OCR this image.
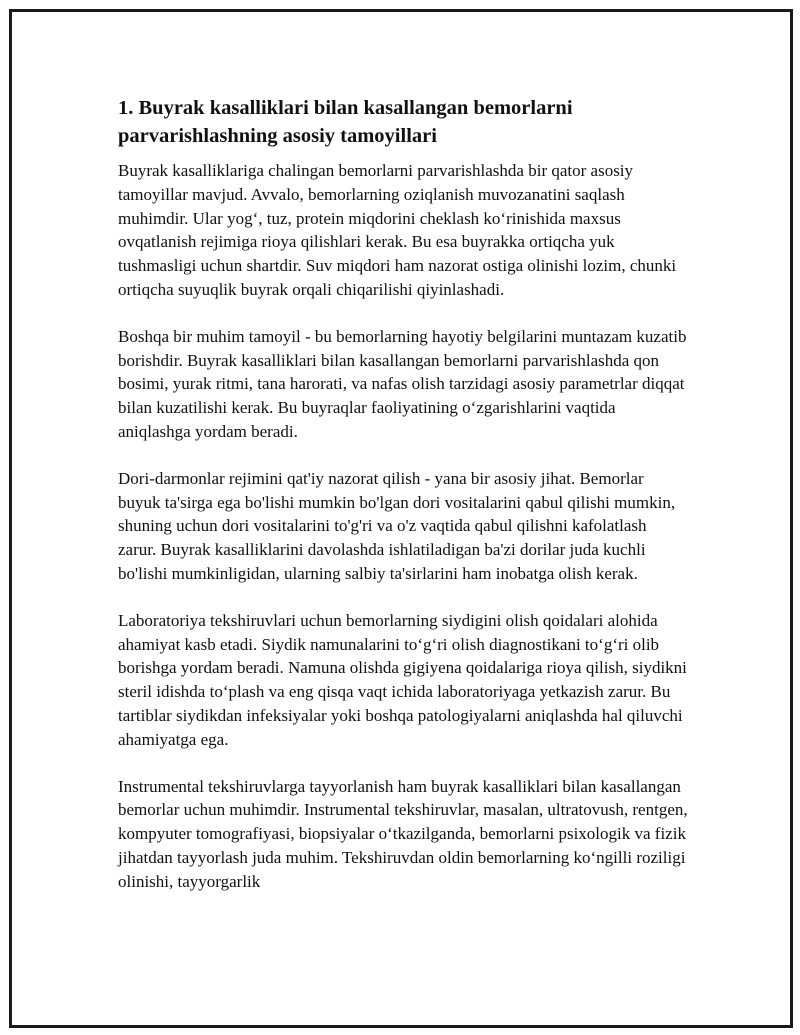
1. Buyrak kasalliklari bilan kasallangan bemorlarni parvarishlashning asosiy tamoyillari

Buyrak kasalliklariga chalingan bemorlarni parvarishlashda bir qator asosiy tamoyillar mavjud. Avvalo, bemorlarning oziqlanish muvozanatini saqlash muhimdir. Ular yog‘, tuz, protein miqdorini cheklash ko‘rinishida maxsus ovqatlanish rejimiga rioya qilishlari kerak. Bu esa buyrakka ortiqcha yuk tushmasligi uchun shartdir. Suv miqdori ham nazorat ostiga olinishi lozim, chunki ortiqcha suyuqlik buyrak orqali chiqarilishi qiyinlashadi.

Boshqa bir muhim tamoyil - bu bemorlarning hayotiy belgilarini muntazam kuzatib borishdir. Buyrak kasalliklari bilan kasallangan bemorlarni parvarishlashda qon bosimi, yurak ritmi, tana harorati, va nafas olish tarzidagi asosiy parametrlar diqqat bilan kuzatilishi kerak. Bu buyraqlar faoliyatining o‘zgarishlarini vaqtida aniqlashga yordam beradi.

Dori-darmonlar rejimini qat'iy nazorat qilish - yana bir asosiy jihat. Bemorlar buyuk ta'sirga ega bo'lishi mumkin bo'lgan dori vositalarini qabul qilishi mumkin, shuning uchun dori vositalarini to'g'ri va o'z vaqtida qabul qilishni kafolatlash zarur. Buyrak kasalliklarini davolashda ishlatiladigan ba'zi dorilar juda kuchli bo'lishi mumkinligidan, ularning salbiy ta'sirlarini ham inobatga olish kerak.

Laboratoriya tekshiruvlari uchun bemorlarning siydigini olish qoidalari alohida ahamiyat kasb etadi. Siydik namunalarini to‘g‘ri olish diagnostikani to‘g‘ri olib borishga yordam beradi. Namuna olishda gigiyena qoidalariga rioya qilish, siydikni steril idishda to‘plash va eng qisqa vaqt ichida laboratoriyaga yetkazish zarur. Bu tartiblar siydikdan infeksiyalar yoki boshqa patologiyalarni aniqlashda hal qiluvchi ahamiyatga ega.

Instrumental tekshiruvlarga tayyorlanish ham buyrak kasalliklari bilan kasallangan bemorlar uchun muhimdir. Instrumental tekshiruvlar, masalan, ultratovush, rentgen, kompyuter tomografiyasi, biopsiyalar o‘tkazilganda, bemorlarni psixologik va fizik jihatdan tayyorlash juda muhim. Tekshiruvdan oldin bemorlarning ko‘ngilli roziligi olinishi, tayyorgarlik
